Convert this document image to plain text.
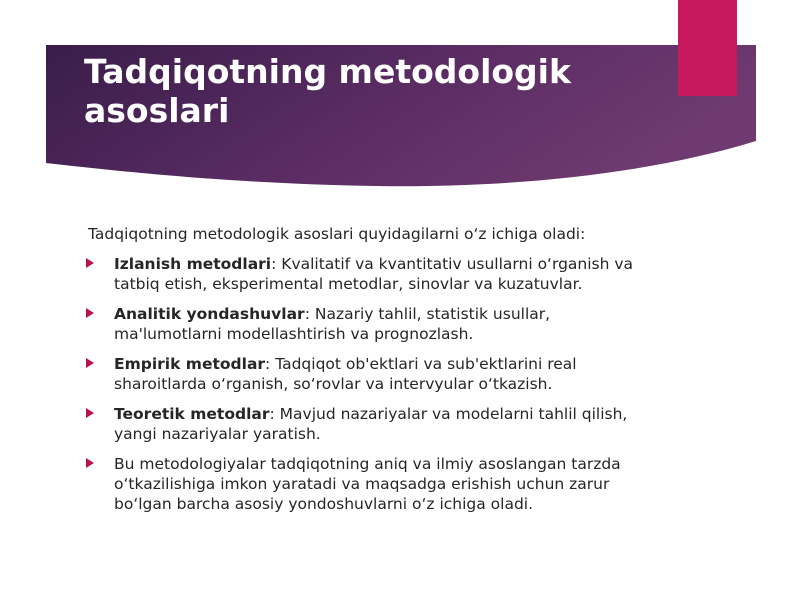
Tadqiqotning metodologik asoslari

Tadqiqotning metodologik asoslari quyidagilarni o‘z ichiga oladi:

Izlanish metodlari: Kvalitatif va kvantitativ usullarni o‘rganish va tatbiq etish, eksperimental metodlar, sinovlar va kuzatuvlar.
Analitik yondashuvlar: Nazariy tahlil, statistik usullar, ma'lumotlarni modellashtirish va prognozlash.
Empirik metodlar: Tadqiqot ob'ektlari va sub'ektlarini real sharoitlarda o‘rganish, so‘rovlar va intervyular o‘tkazish.
Teoretik metodlar: Mavjud nazariyalar va modelarni tahlil qilish, yangi nazariyalar yaratish.
Bu metodologiyalar tadqiqotning aniq va ilmiy asoslangan tarzda o‘tkazilishiga imkon yaratadi va maqsadga erishish uchun zarur bo‘lgan barcha asosiy yondoshuvlarni o‘z ichiga oladi.
